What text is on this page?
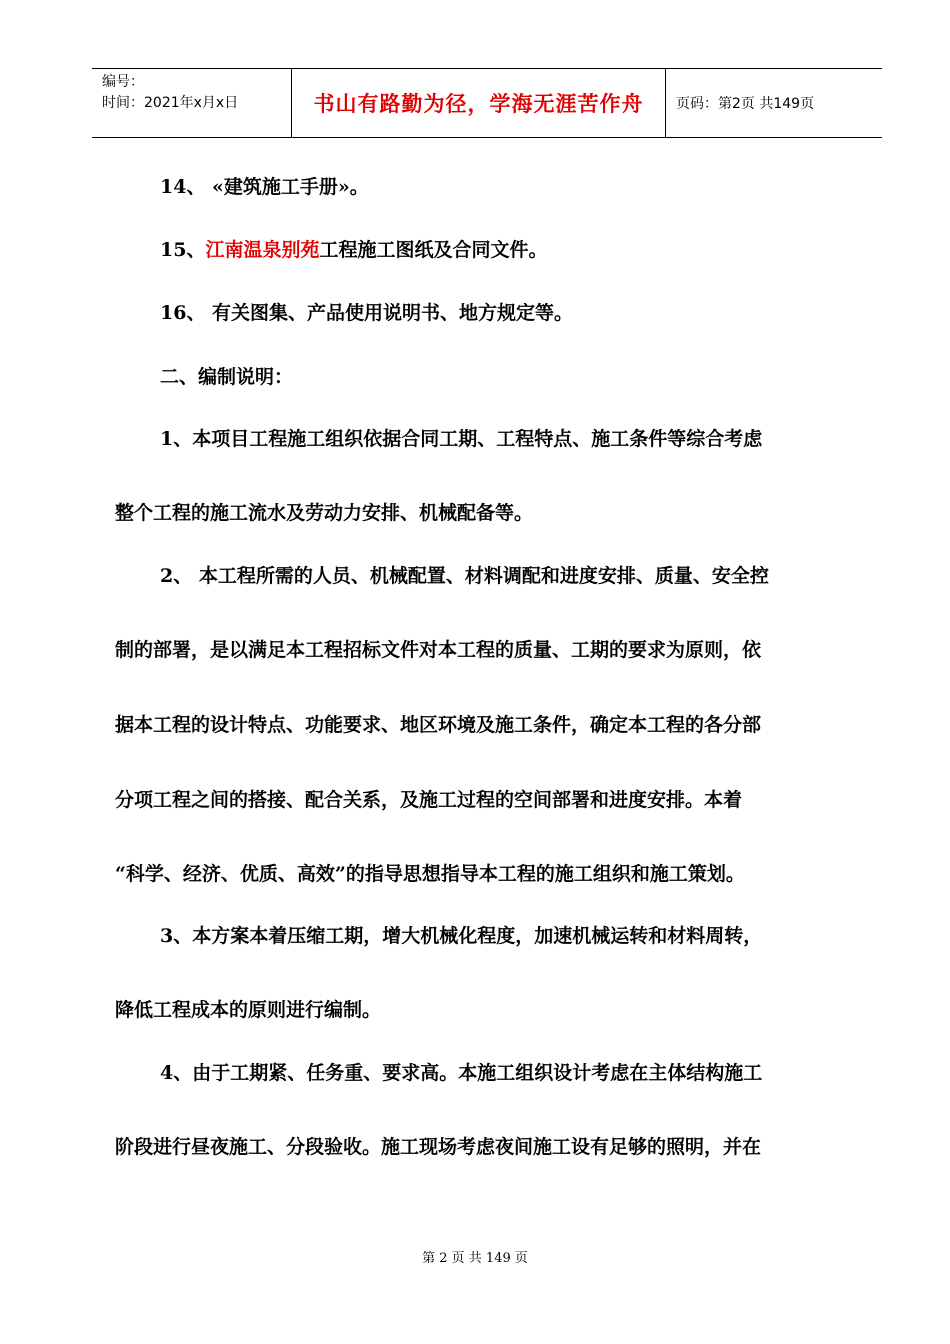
编号：
时间：2021年x月x日	书山有路勤为径，学海无涯苦作舟	页码：第2页 共149页
14、 «建筑施工手册»。
15、江南温泉别苑工程施工图纸及合同文件。
16、 有关图集、产品使用说明书、地方规定等。
二、编制说明：
1、本项目工程施工组织依据合同工期、工程特点、施工条件等综合考虑
整个工程的施工流水及劳动力安排、机械配备等。
2、 本工程所需的人员、机械配置、材料调配和进度安排、质量、安全控
制的部署，是以满足本工程招标文件对本工程的质量、工期的要求为原则，依
据本工程的设计特点、功能要求、地区环境及施工条件，确定本工程的各分部
分项工程之间的搭接、配合关系，及施工过程的空间部署和进度安排。本着
“科学、经济、优质、高效”的指导思想指导本工程的施工组织和施工策划。
3、本方案本着压缩工期，增大机械化程度，加速机械运转和材料周转，
降低工程成本的原则进行编制。
4、由于工期紧、任务重、要求高。本施工组织设计考虑在主体结构施工
阶段进行昼夜施工、分段验收。施工现场考虑夜间施工设有足够的照明，并在
第 2 页 共 149 页
